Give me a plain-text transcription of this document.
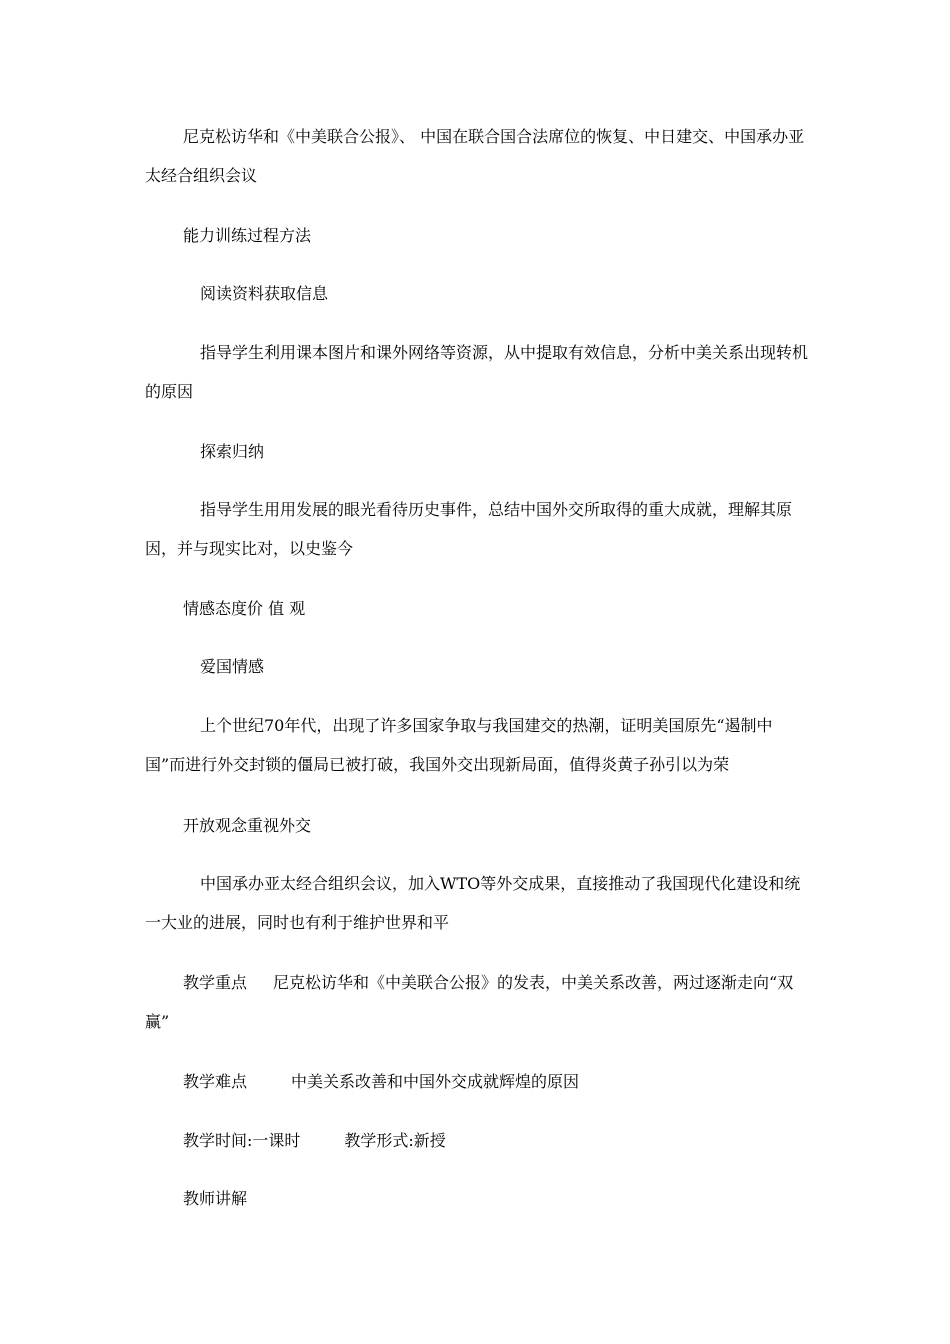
尼克松访华和《中美联合公报》、 中国在联合国合法席位的恢复、中日建交、中国承办亚太经合组织会议

能力训练过程方法

阅读资料获取信息

指导学生利用课本图片和课外网络等资源，从中提取有效信息，分析中美关系出现转机的原因

探索归纳

指导学生用用发展的眼光看待历史事件，总结中国外交所取得的重大成就，理解其原因，并与现实比对，以史鉴今

情感态度价 值 观

爱国情感

上个世纪70年代，出现了许多国家争取与我国建交的热潮，证明美国原先“遏制中国”而进行外交封锁的僵局已被打破，我国外交出现新局面，值得炎黄子孙引以为荣

开放观念重视外交

中国承办亚太经合组织会议，加入WTO等外交成果，直接推动了我国现代化建设和统一大业的进展，同时也有利于维护世界和平

教学重点 尼克松访华和《中美联合公报》的发表，中美关系改善，两过逐渐走向“双赢”

教学难点	中美关系改善和中国外交成就辉煌的原因

教学时间:一课时	教学形式:新授

教师讲解
